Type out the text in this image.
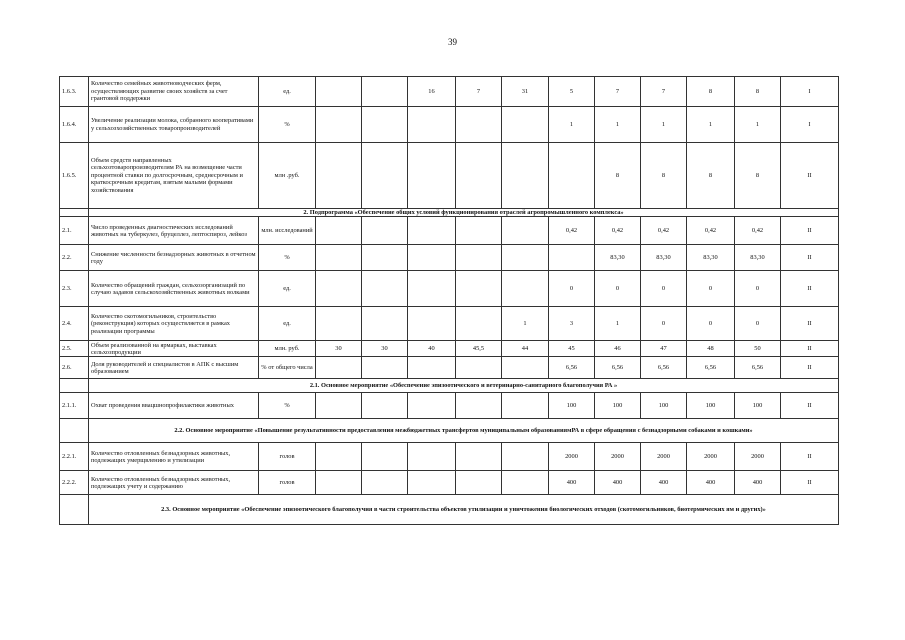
39
1.6.3.	Количество семейных животноводческих ферм, осуществляющих развитие своих хозяйств за счет грантовой поддержки	ед.			16	7	31	5	7	7	8	8	I
1.6.4.	Увеличение реализации молока, собранного кооперативами у сельхозхозяйственных товаропроизводителей	%						1	1	1	1	1	I
1.6.5.	Объем средств направленных сельхозтоваропроизводителям РА на возмещение части процентной ставки по долгосрочным, среднесрочным и краткосрочным кредитам, взятым малыми формами хозяйствования	млн .руб.							8	8	8	8	II
	2. Подпрограмма «Обеспечение общих условий функционирования отраслей агропромышленного комплекса»												
2.1.	Число проведенных диагностических исследований животных на туберкулез, бруцеллез, лептоспироз, лейкоз	млн. исследований						0,42	0,42	0,42	0,42	0,42	II
2.2.	Снижение численности безнадзорных животных в отчетном году	%							83,30	83,30	83,30	83,30	II
2.3.	Количество обращений граждан, сельхозорганизаций по случаю задавов сельскохозяйственных животных волками	ед.						0	0	0	0	0	II
2.4.	Количество скотомогильников, строительство (реконструкция) которых осуществляется в рамках реализации программы	ед.					1	3	1	0	0	0	II
2.5.	Объем реализованной на ярмарках, выставках сельхозпродукции	млн. руб.	30	30	40	45,5	44	45	46	47	48	50	II
2.6.	Доля руководителей и специалистов в АПК с высшим образованием	% от общего числа						6,56	6,56	6,56	6,56	6,56	II
	2.1. Основное мероприятие «Обеспечение эпизоотического и ветеринарно-санитарного благополучия РА »												
2.1.1.	Охват проведения ввацшнопрофилактики животных	%						100	100	100	100	100	II
	2.2. Основное мероприятие «Повышение результативности предоставления межбюджетных трансфертов муниципальным образованиямРА в сфере обращения с безнадзорными собаками и кошками»												
2.2.1.	Количество отловленных безнадзорных животных, подлежащих умерщвлению и утилизации	голов						2000	2000	2000	2000	2000	II
2.2.2.	Количество отловленных безнадзорных животных, подлежащих учету и содержанию	голов						400	400	400	400	400	II
	2.3. Основное мероприятие «Обеспечение эпизоотического благополучия в части строительства объектов утилизации и уничтожения биологических отходов (скотомогильников, биотермических ям и других)»												
